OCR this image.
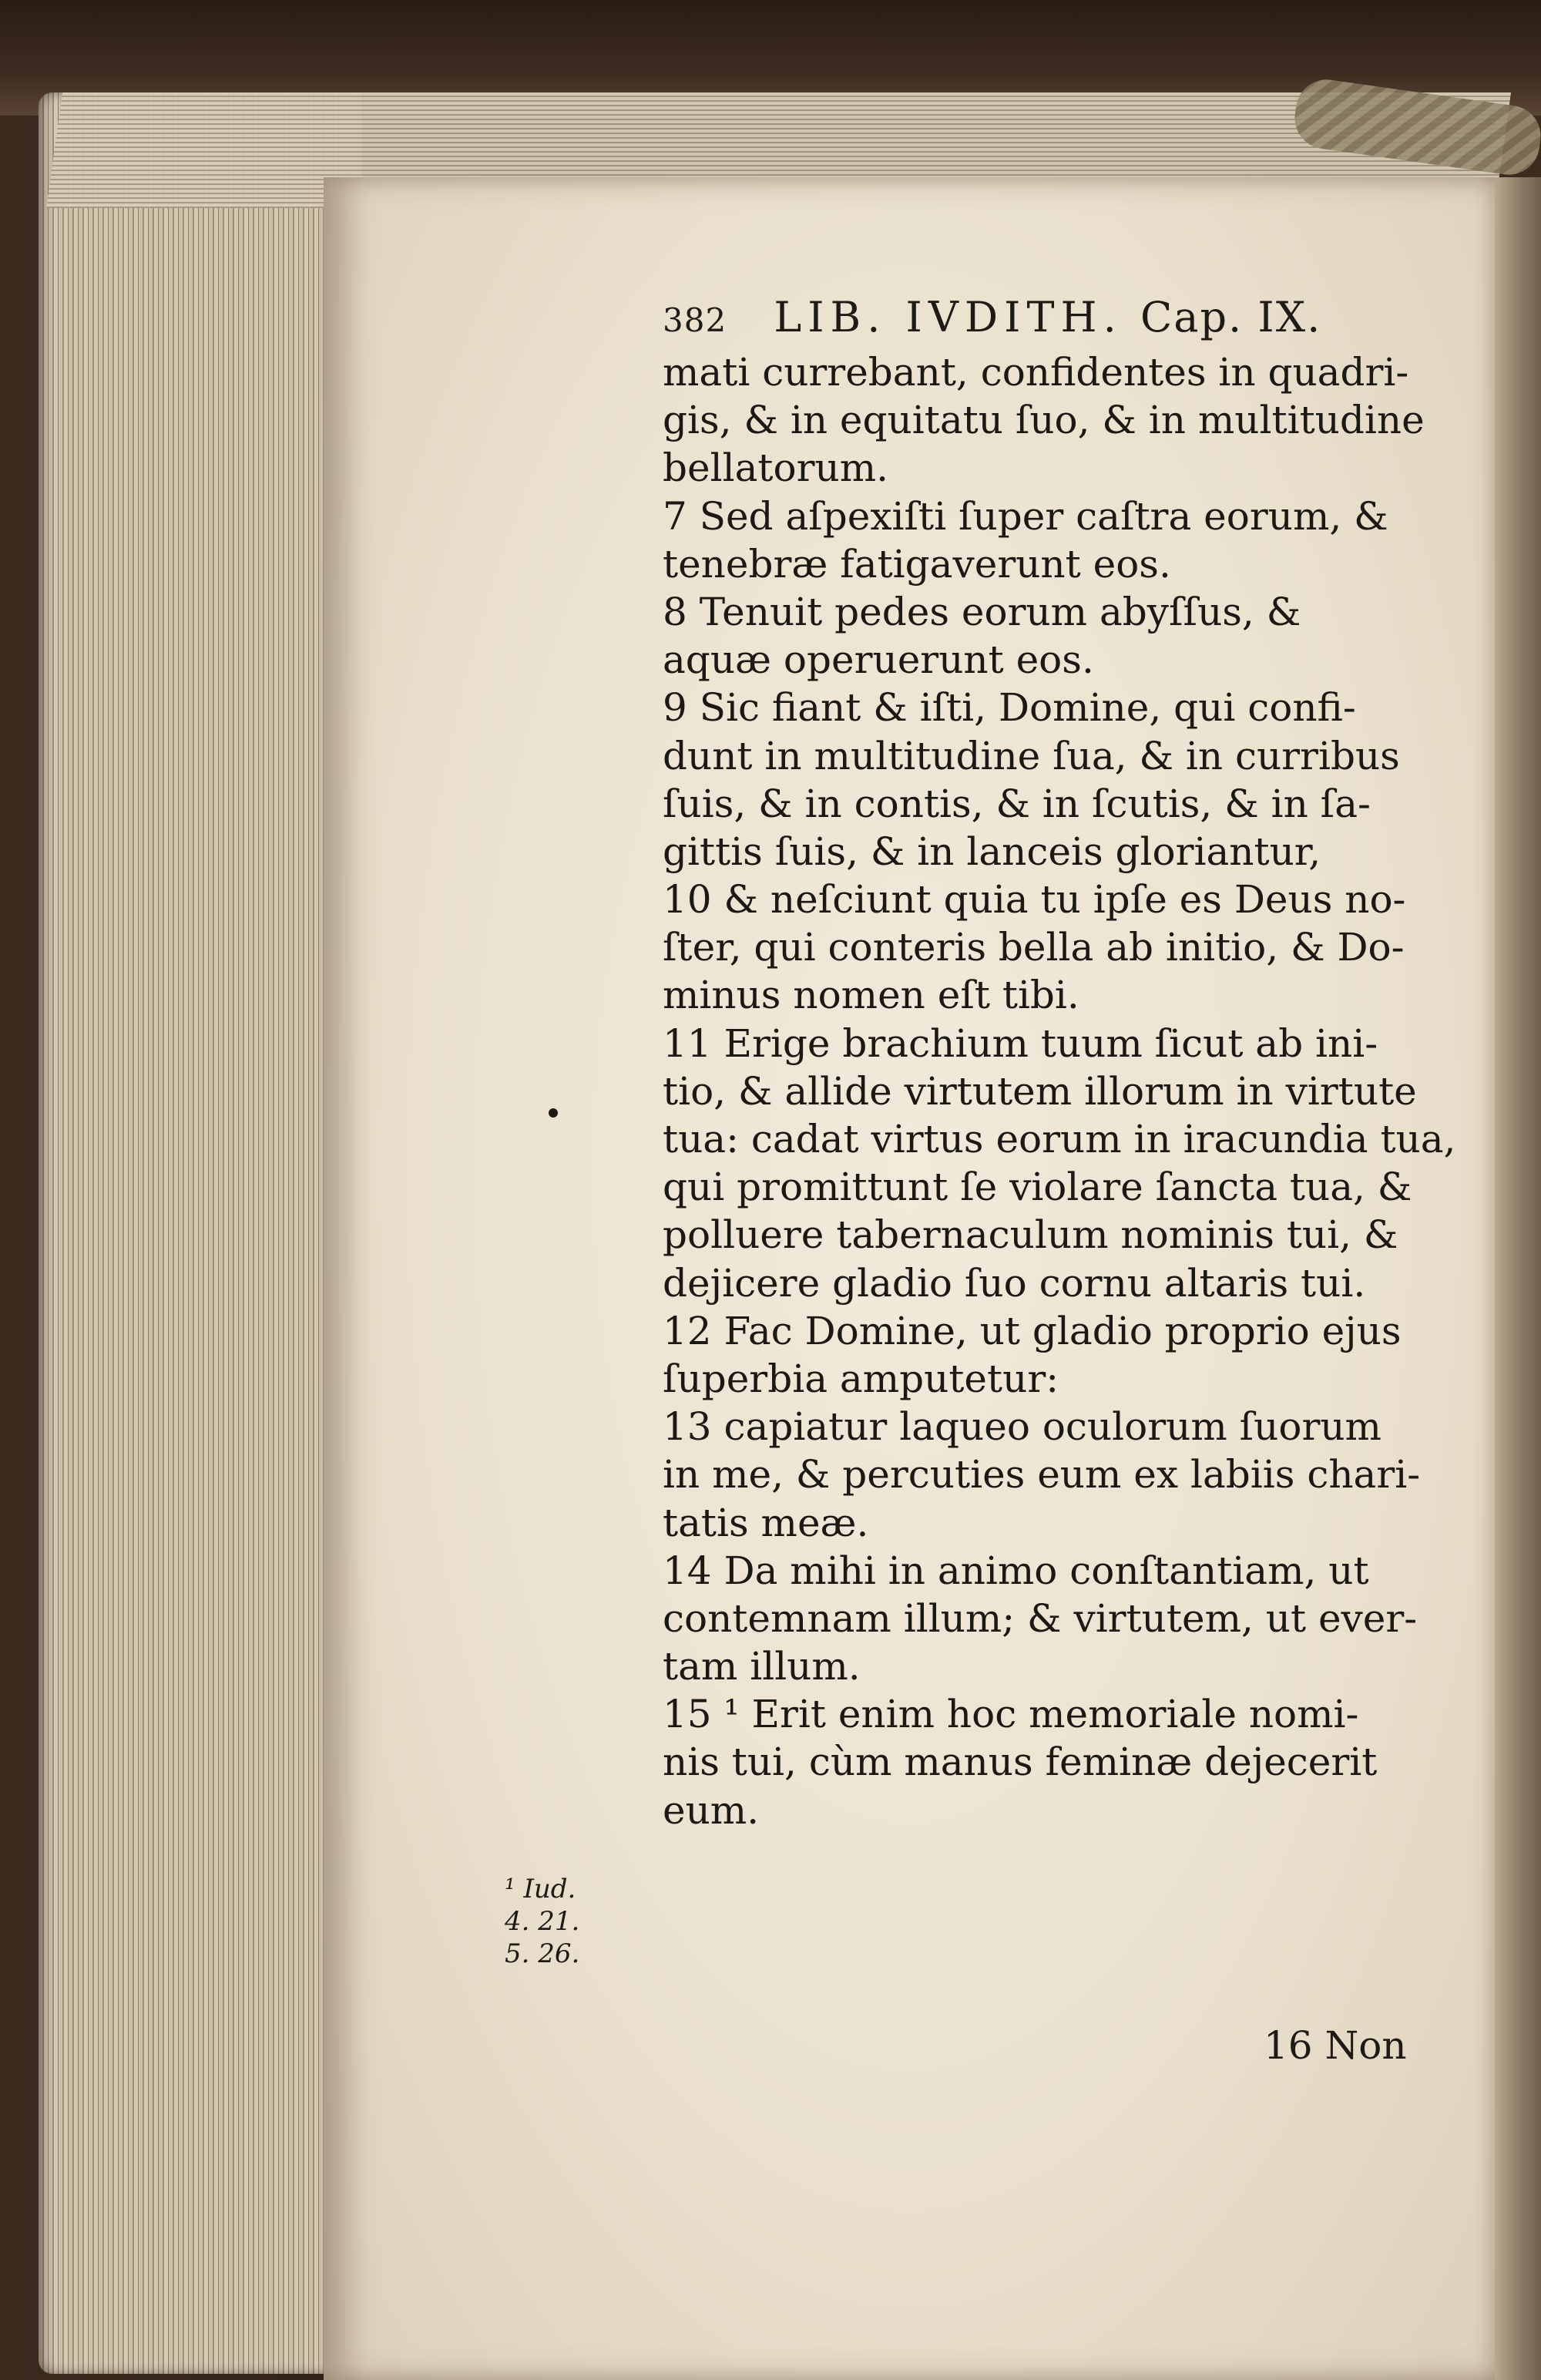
382 LIB. IVDITH. Cap. IX.
mati currebant, confidentes in quadri-
gis, & in equitatu ſuo, & in multitudine
bellatorum.
7 Sed aſpexiſti ſuper caſtra eorum, &
tenebræ fatigaverunt eos.
8 Tenuit pedes eorum abyſſus, &
aquæ operuerunt eos.
9 Sic fiant & iſti, Domine, qui confi-
dunt in multitudine ſua, & in curribus
ſuis, & in contis, & in ſcutis, & in ſa-
gittis ſuis, & in lanceis gloriantur,
10 & neſciunt quia tu ipſe es Deus no-
ſter, qui conteris bella ab initio, & Do-
minus nomen eſt tibi.
11 Erige brachium tuum ſicut ab ini-
tio, & allide virtutem illorum in virtute
tua: cadat virtus eorum in iracundia tua,
qui promittunt ſe violare ſancta tua, &
polluere tabernaculum nominis tui, &
dejicere gladio ſuo cornu altaris tui.
12 Fac Domine, ut gladio proprio ejus
ſuperbia amputetur:
13 capiatur laqueo oculorum ſuorum
in me, & percuties eum ex labiis chari-
tatis meæ.
14 Da mihi in animo conſtantiam, ut
contemnam illum; & virtutem, ut ever-
tam illum.
15 ¹ Erit enim hoc memoriale nomi-
nis tui, cùm manus feminæ dejecerit
eum.
¹ Iud.
4. 21.
5. 26.
16 Non
